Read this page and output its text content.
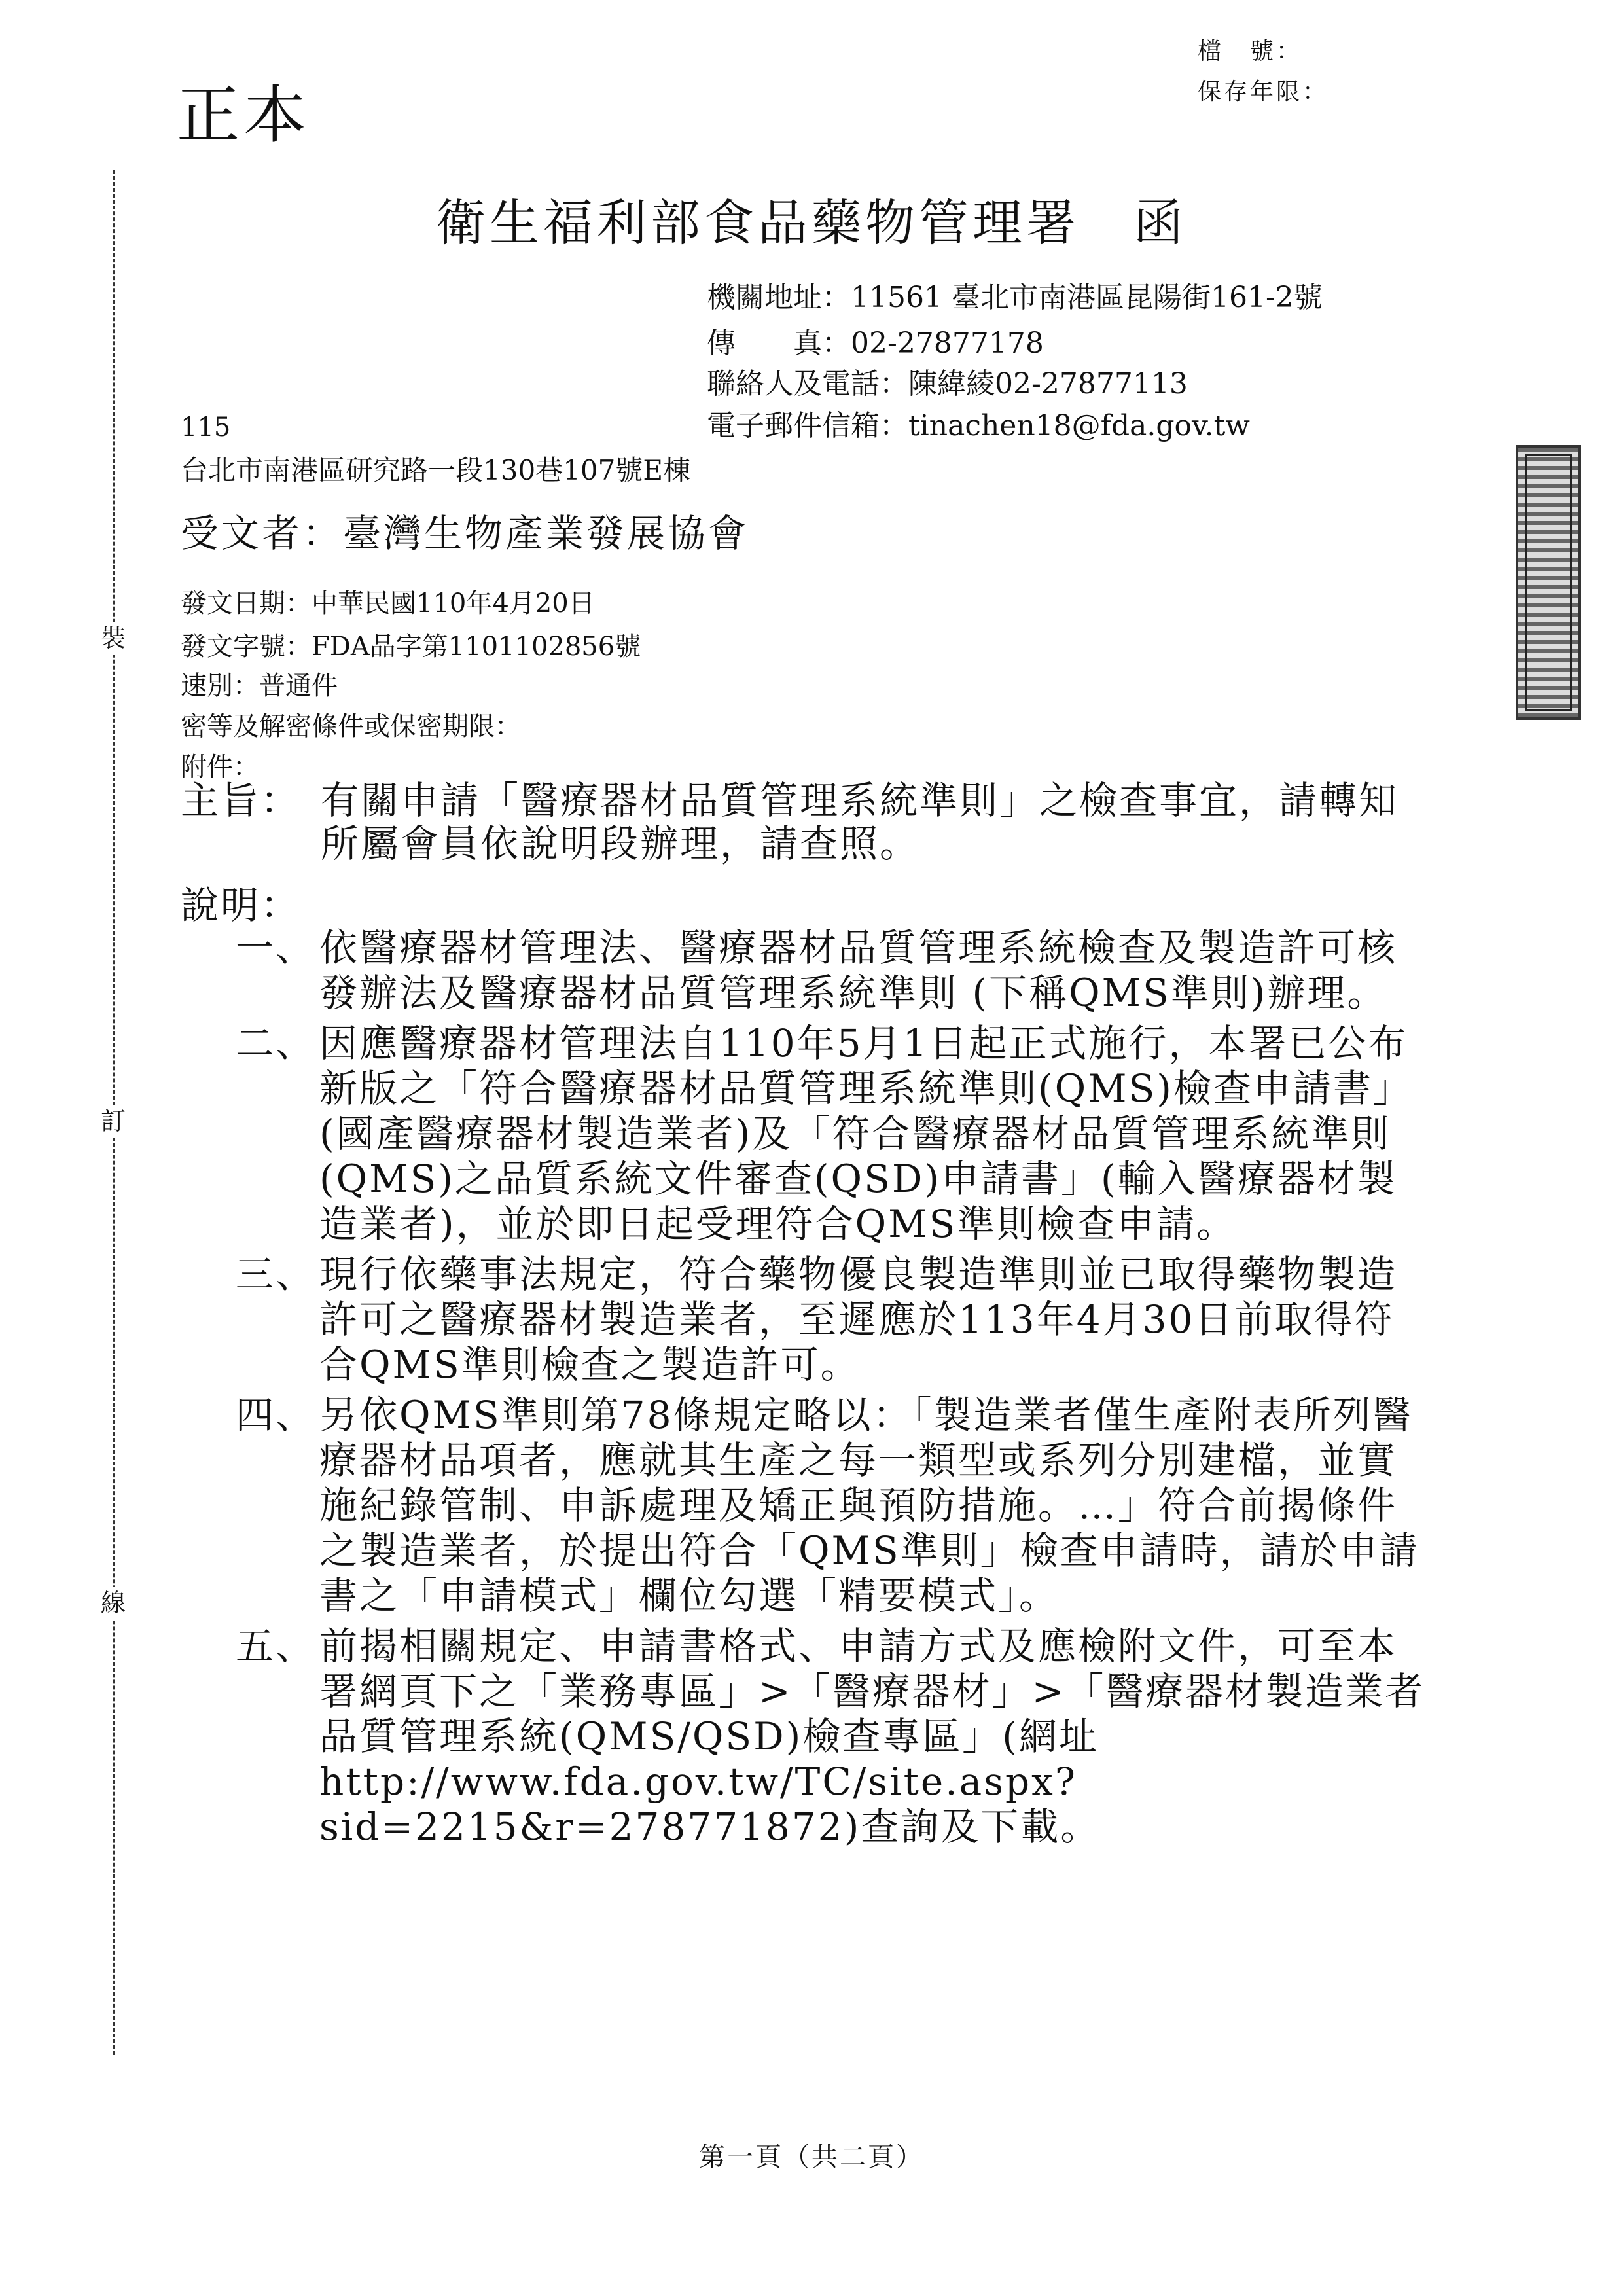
裝
訂
線
正本
檔　號：
保存年限：
衛生福利部食品藥物管理署　函
機關地址：11561 臺北市南港區昆陽街161-2號
傳　　真：02-27877178
聯絡人及電話：陳緯綾02-27877113
電子郵件信箱：tinachen18@fda.gov.tw
115
台北市南港區研究路一段130巷107號E棟
受文者：臺灣生物產業發展協會
發文日期：中華民國110年4月20日
發文字號：FDA品字第1101102856號
速別：普通件
密等及解密條件或保密期限：
附件：
主旨： 有關申請「醫療器材品質管理系統準則」之檢查事宜，請轉知所屬會員依說明段辦理，請查照。
說明：
一、 依醫療器材管理法、醫療器材品質管理系統檢查及製造許可核發辦法及醫療器材品質管理系統準則 (下稱QMS準則)辦理。
二、 因應醫療器材管理法自110年5月1日起正式施行，本署已公布新版之「符合醫療器材品質管理系統準則(QMS)檢查申請書」(國產醫療器材製造業者)及「符合醫療器材品質管理系統準則(QMS)之品質系統文件審查(QSD)申請書」(輸入醫療器材製造業者)，並於即日起受理符合QMS準則檢查申請。
三、 現行依藥事法規定，符合藥物優良製造準則並已取得藥物製造許可之醫療器材製造業者，至遲應於113年4月30日前取得符合QMS準則檢查之製造許可。
四、 另依QMS準則第78條規定略以：「製造業者僅生產附表所列醫療器材品項者，應就其生產之每一類型或系列分別建檔，並實施紀錄管制、申訴處理及矯正與預防措施。…」符合前揭條件之製造業者，於提出符合「QMS準則」檢查申請時，請於申請書之「申請模式」欄位勾選「精要模式」。
五、 前揭相關規定、申請書格式、申請方式及應檢附文件，可至本署網頁下之「業務專區」>「醫療器材」>「醫療器材製造業者品質管理系統(QMS/QSD)檢查專區」(網址http://www.fda.gov.tw/TC/site.aspx?sid=2215&r=278771872)查詢及下載。
第一頁（共二頁）
